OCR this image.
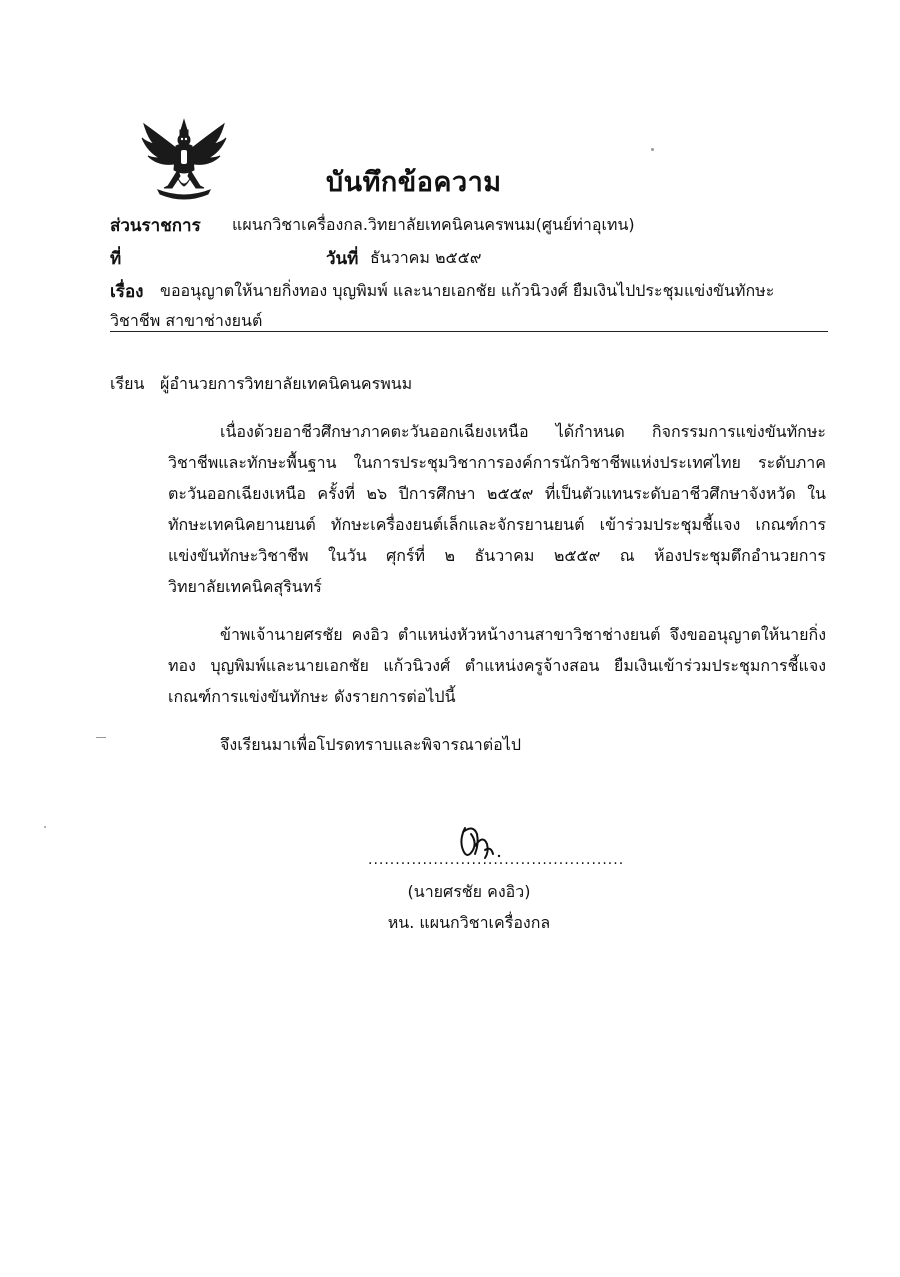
บันทึกข้อความ
ส่วนราชการ แผนกวิชาเครื่องกล.วิทยาลัยเทคนิคนครพนม(ศูนย์ท่าอุเทน)
ที่	วันที่ ธันวาคม ๒๕๕๙
เรื่อง ขออนุญาตให้นายกิ่งทอง บุญพิมพ์ และนายเอกชัย แก้วนิวงศ์ ยืมเงินไปประชุมแข่งขันทักษะ
วิชาชีพ สาขาช่างยนต์
เรียน ผู้อำนวยการวิทยาลัยเทคนิคนครพนม
เนื่องด้วยอาชีวศึกษาภาคตะวันออกเฉียงเหนือ ได้กำหนด กิจกรรมการแข่งขันทักษะ
วิชาชีพและทักษะพื้นฐาน ในการประชุมวิชาการองค์การนักวิชาชีพแห่งประเทศไทย ระดับภาค
ตะวันออกเฉียงเหนือ ครั้งที่ ๒๖ ปีการศึกษา ๒๕๕๙ ที่เป็นตัวแทนระดับอาชีวศึกษาจังหวัด ใน
ทักษะเทคนิคยานยนต์ ทักษะเครื่องยนต์เล็กและจักรยานยนต์ เข้าร่วมประชุมชี้แจง เกณฑ์การ
แข่งขันทักษะวิชาชีพ ในวัน ศุกร์ที่ ๒ ธันวาคม ๒๕๕๙ ณ ห้องประชุมตึกอำนวยการ
วิทยาลัยเทคนิคสุรินทร์
ข้าพเจ้านายศรชัย คงอิว ตำแหน่งหัวหน้างานสาขาวิชาช่างยนต์ จึงขออนุญาตให้นายกิ่ง
ทอง บุญพิมพ์และนายเอกชัย แก้วนิวงศ์ ตำแหน่งครูจ้างสอน ยืมเงินเข้าร่วมประชุมการชี้แจง
เกณฑ์การแข่งขันทักษะ ดังรายการต่อไปนี้
จึงเรียนมาเพื่อโปรดทราบและพิจารณาต่อไป
...............................................
(นายศรชัย คงอิว)
หน. แผนกวิชาเครื่องกล
